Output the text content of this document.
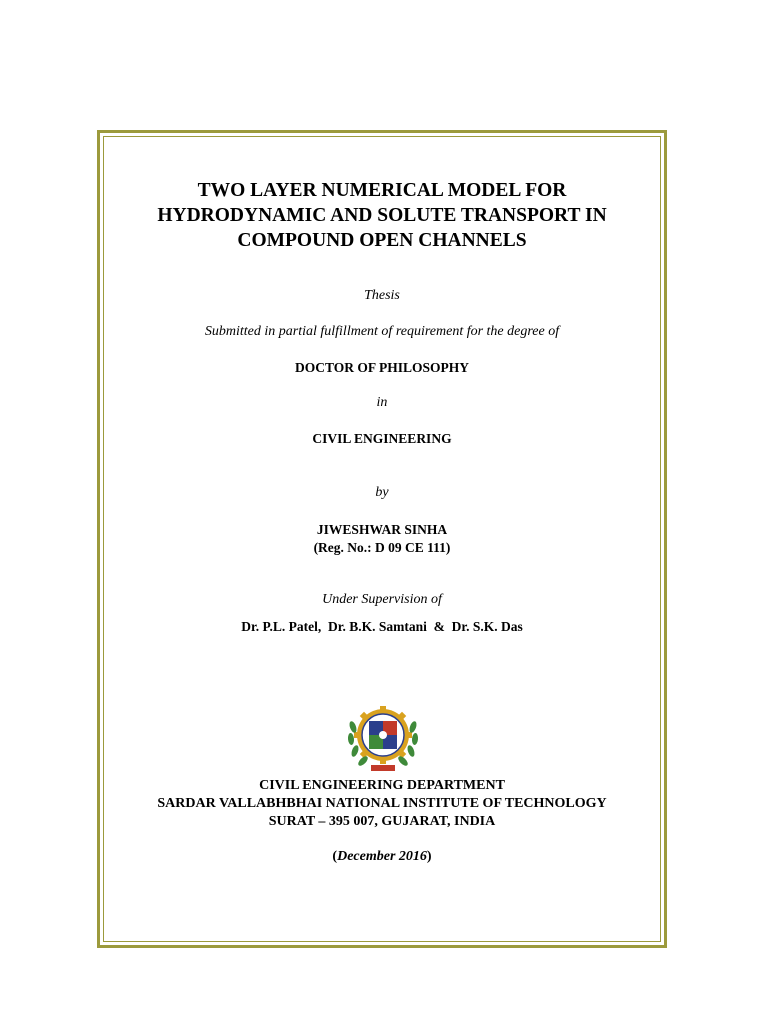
TWO LAYER NUMERICAL MODEL FOR
HYDRODYNAMIC AND SOLUTE TRANSPORT IN
COMPOUND OPEN CHANNELS
Thesis
Submitted in partial fulfillment of requirement for the degree of
DOCTOR OF PHILOSOPHY
in
CIVIL ENGINEERING
by
JIWESHWAR SINHA
(Reg. No.: D 09 CE 111)
Under Supervision of
Dr. P.L. Patel, Dr. B.K. Samtani & Dr. S.K. Das
CIVIL ENGINEERING DEPARTMENT
SARDAR VALLABHBHAI NATIONAL INSTITUTE OF TECHNOLOGY
SURAT – 395 007, GUJARAT, INDIA
(December 2016)
